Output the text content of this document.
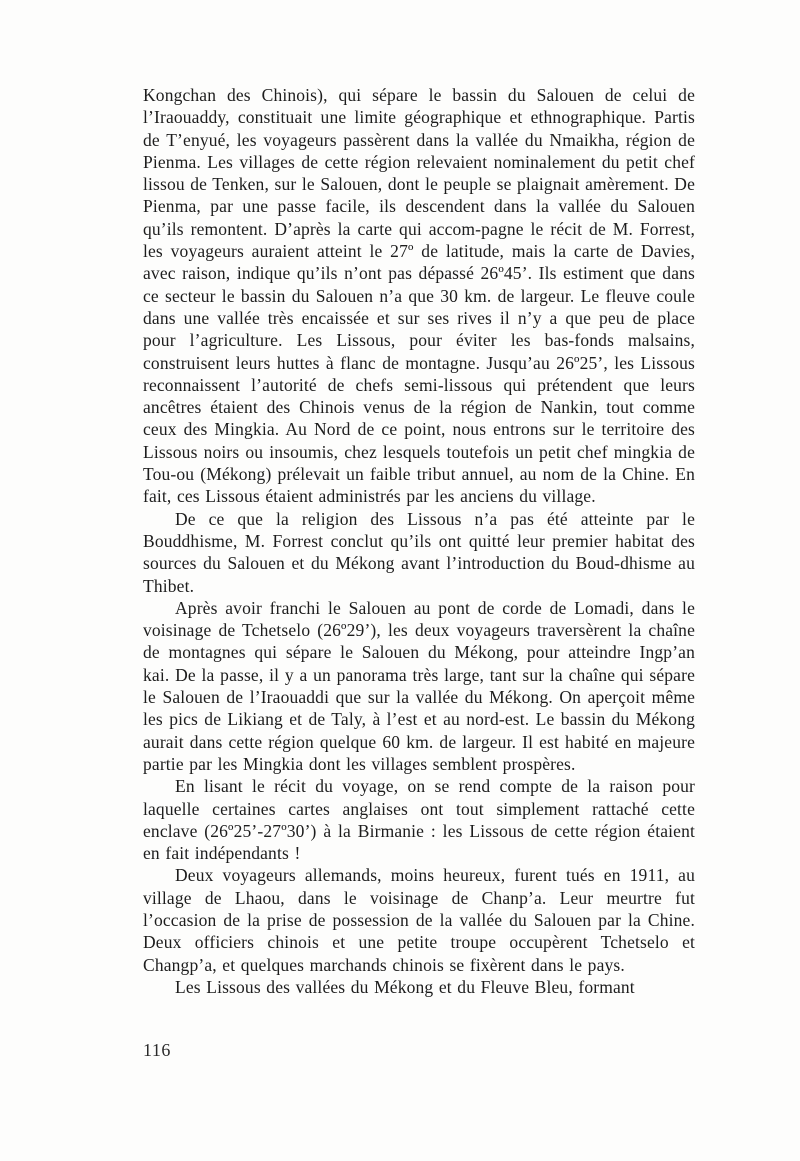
Kongchan des Chinois), qui sépare le bassin du Salouen de celui de l’Iraouaddy, constituait une limite géographique et ethnographique. Partis de T’enyué, les voyageurs passèrent dans la vallée du Nmaikha, région de Pienma. Les villages de cette région relevaient nominalement du petit chef lissou de Tenken, sur le Salouen, dont le peuple se plaignait amèrement. De Pienma, par une passe facile, ils descendent dans la vallée du Salouen qu’ils remontent. D’après la carte qui accom-pagne le récit de M. Forrest, les voyageurs auraient atteint le 27º de latitude, mais la carte de Davies, avec raison, indique qu’ils n’ont pas dépassé 26º45’. Ils estiment que dans ce secteur le bassin du Salouen n’a que 30 km. de largeur. Le fleuve coule dans une vallée très encaissée et sur ses rives il n’y a que peu de place pour l’agriculture. Les Lissous, pour éviter les bas-fonds malsains, construisent leurs huttes à flanc de montagne. Jusqu’au 26º25’, les Lissous reconnaissent l’autorité de chefs semi-lissous qui prétendent que leurs ancêtres étaient des Chinois venus de la région de Nankin, tout comme ceux des Mingkia. Au Nord de ce point, nous entrons sur le territoire des Lissous noirs ou insoumis, chez lesquels toutefois un petit chef mingkia de Tou-ou (Mékong) prélevait un faible tribut annuel, au nom de la Chine. En fait, ces Lissous étaient administrés par les anciens du village.

De ce que la religion des Lissous n’a pas été atteinte par le Bouddhisme, M. Forrest conclut qu’ils ont quitté leur premier habitat des sources du Salouen et du Mékong avant l’introduction du Boud-dhisme au Thibet.

Après avoir franchi le Salouen au pont de corde de Lomadi, dans le voisinage de Tchetselo (26º29’), les deux voyageurs traversèrent la chaîne de montagnes qui sépare le Salouen du Mékong, pour atteindre Ingp’an kai. De la passe, il y a un panorama très large, tant sur la chaîne qui sépare le Salouen de l’Iraouaddi que sur la vallée du Mékong. On aperçoit même les pics de Likiang et de Taly, à l’est et au nord-est. Le bassin du Mékong aurait dans cette région quelque 60 km. de largeur. Il est habité en majeure partie par les Mingkia dont les villages semblent prospères.

En lisant le récit du voyage, on se rend compte de la raison pour laquelle certaines cartes anglaises ont tout simplement rattaché cette enclave (26º25’-27º30’) à la Birmanie : les Lissous de cette région étaient en fait indépendants !

Deux voyageurs allemands, moins heureux, furent tués en 1911, au village de Lhaou, dans le voisinage de Chanp’a. Leur meurtre fut l’occasion de la prise de possession de la vallée du Salouen par la Chine. Deux officiers chinois et une petite troupe occupèrent Tchetselo et Changp’a, et quelques marchands chinois se fixèrent dans le pays.

Les Lissous des vallées du Mékong et du Fleuve Bleu, formant

116
